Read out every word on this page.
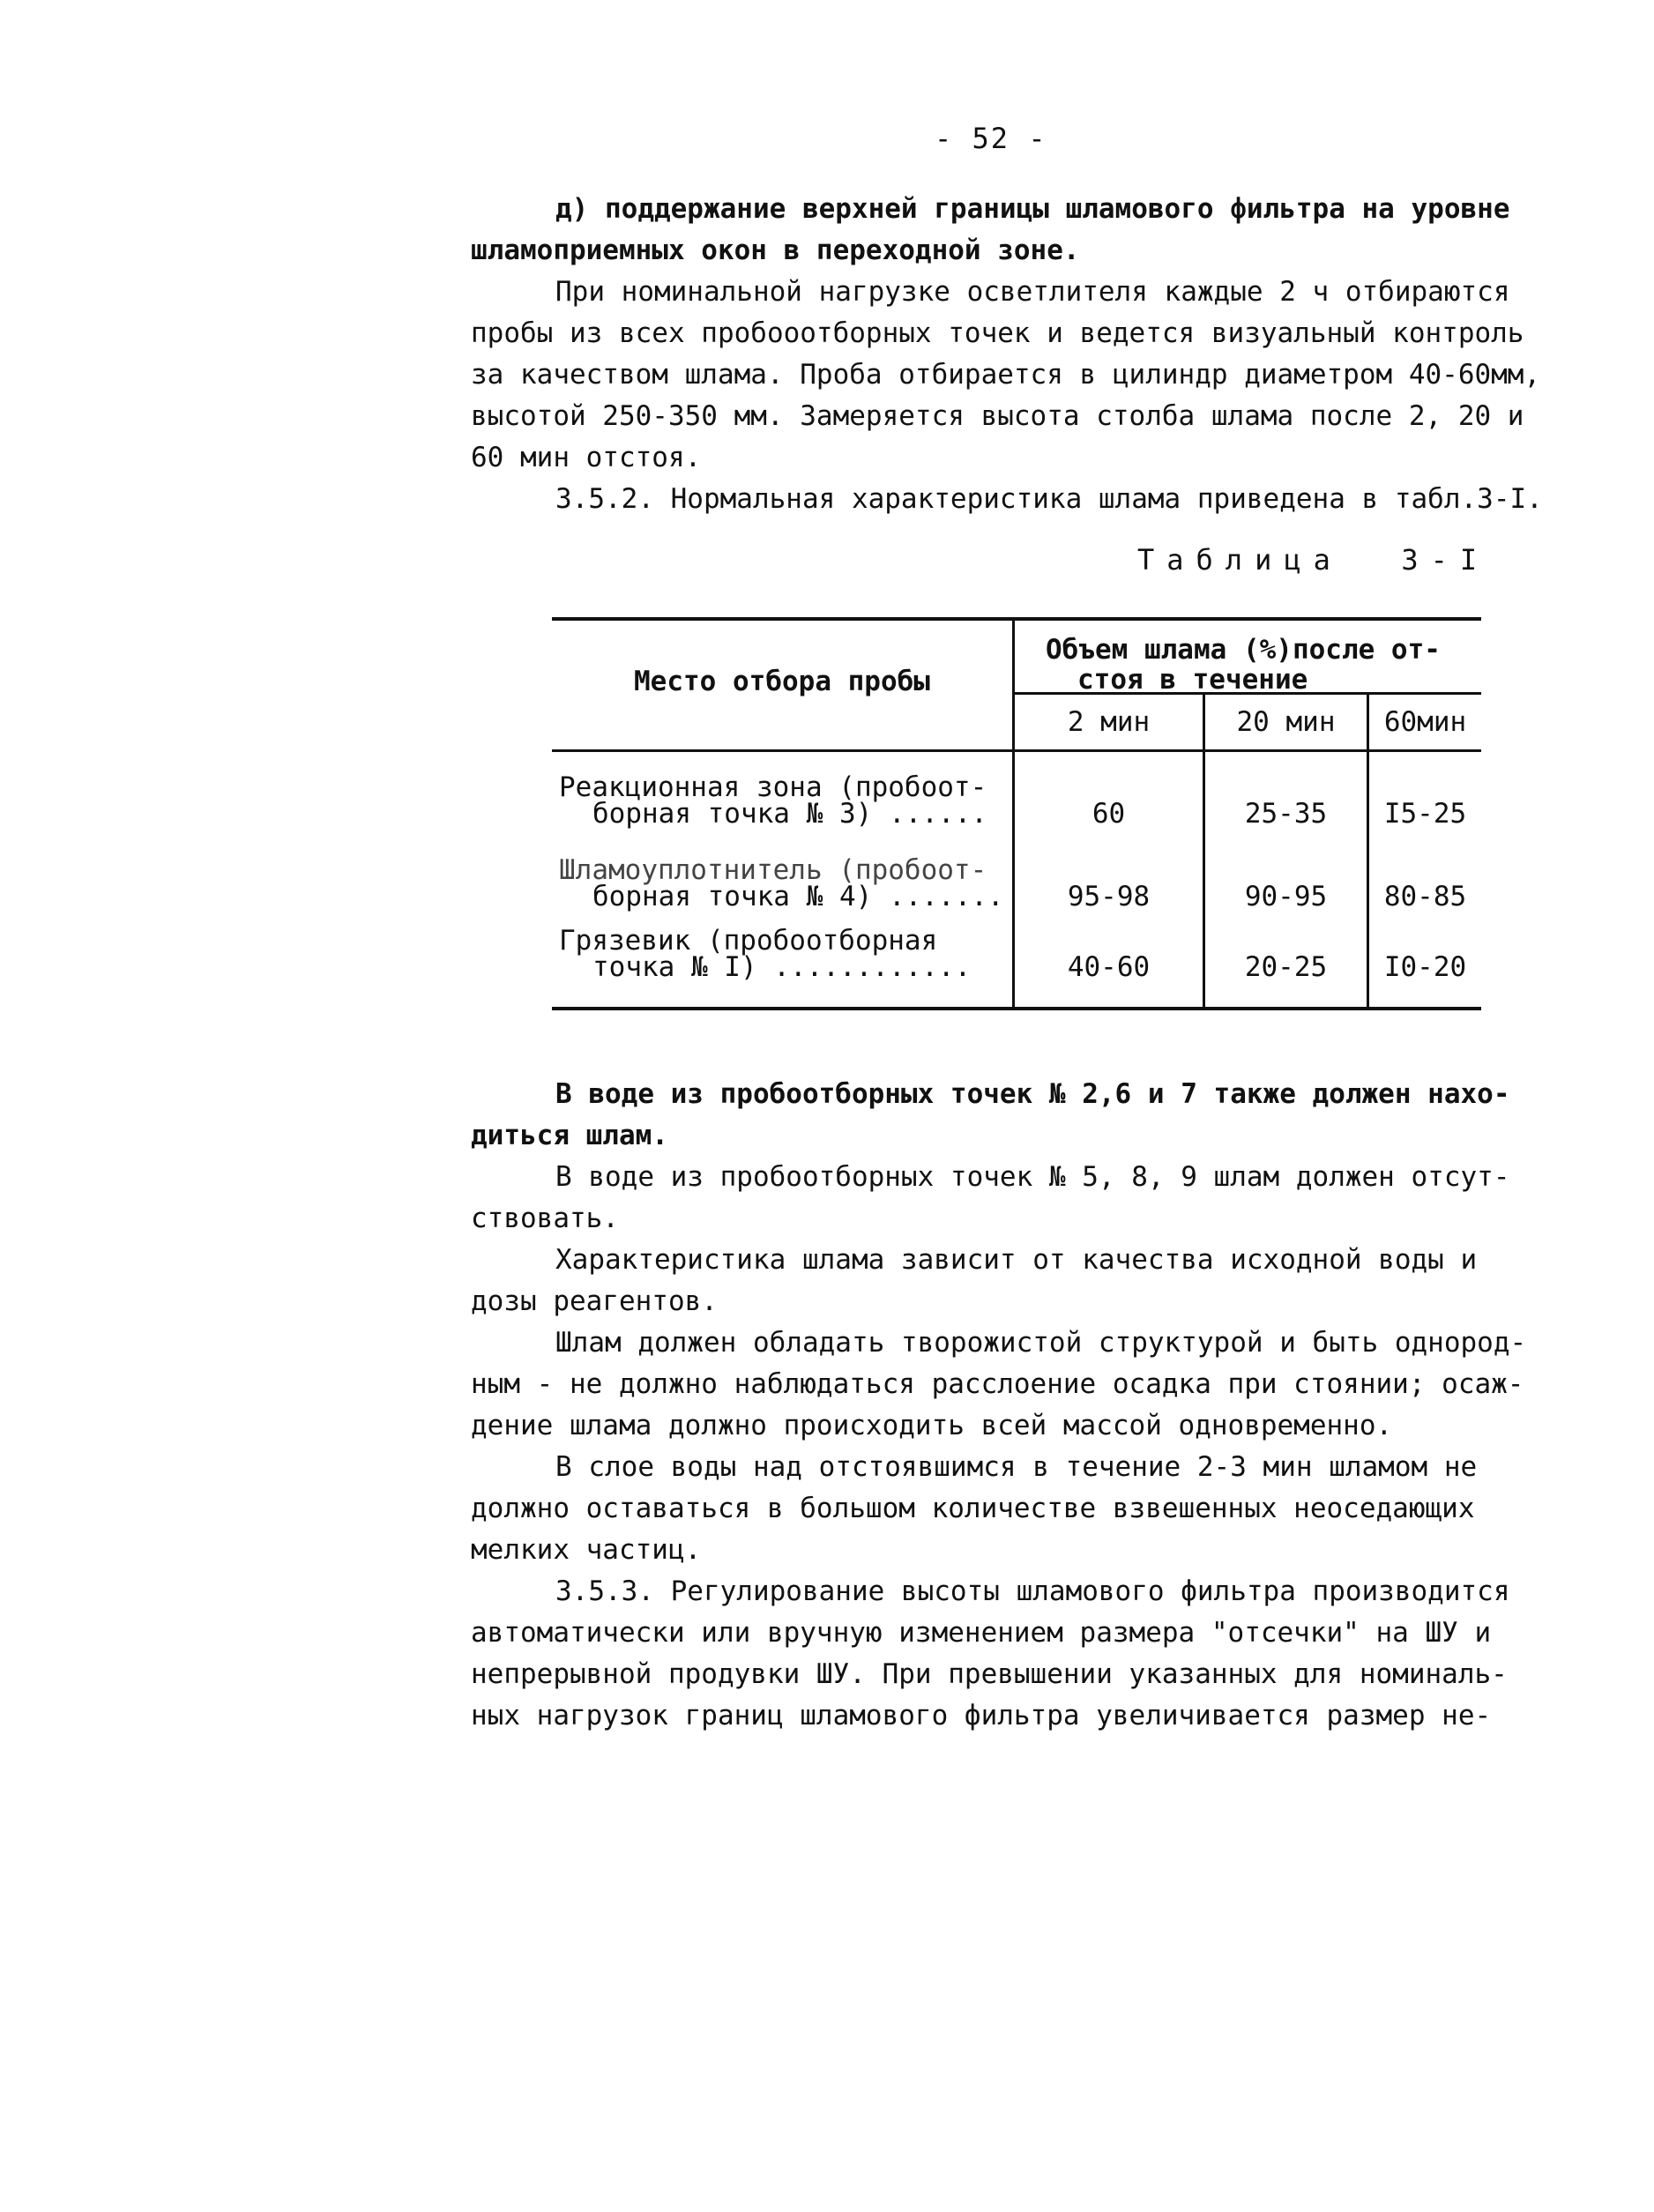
- 52 -
д) поддержание верхней границы шламового фильтра на уровне
шламоприемных окон в переходной зоне.
При номинальной нагрузке осветлителя каждые 2 ч отбираются
пробы из всех пробооотборных точек и ведется визуальный контроль
за качеством шлама. Проба отбирается в цилиндр диаметром 40-60мм,
высотой 250-350 мм. Замеряется высота столба шлама после 2, 20 и
60 мин отстоя.
3.5.2. Нормальная характеристика шлама приведена в табл.3-I.
Таблица  3-I
Место отбора пробы
Объем шлама (%)после от-
стоя в течение
2 мин	20 мин	60мин
Реакционная зона (пробоот-
борная точка № 3) ......	60	25-35	I5-25
Шламоуплотнитель (пробоот-
борная точка № 4) .......	95-98	90-95	80-85
Грязевик (пробоотборная
точка № I) ............	40-60	20-25	I0-20
В воде из пробоотборных точек № 2,6 и 7 также должен нахо-
диться шлам.
В воде из пробоотборных точек № 5, 8, 9 шлам должен отсут-
ствовать.
Характеристика шлама зависит от качества исходной воды и
дозы реагентов.
Шлам должен обладать творожистой структурой и быть однород-
ным - не должно наблюдаться расслоение осадка при стоянии; осаж-
дение шлама должно происходить всей массой одновременно.
В слое воды над отстоявшимся в течение 2-3 мин шламом не
должно оставаться в большом количестве взвешенных неоседающих
мелких частиц.
3.5.3. Регулирование высоты шламового фильтра производится
автоматически или вручную изменением размера "отсечки" на ШУ и
непрерывной продувки ШУ. При превышении указанных для номиналь-
ных нагрузок границ шламового фильтра увеличивается размер не-
